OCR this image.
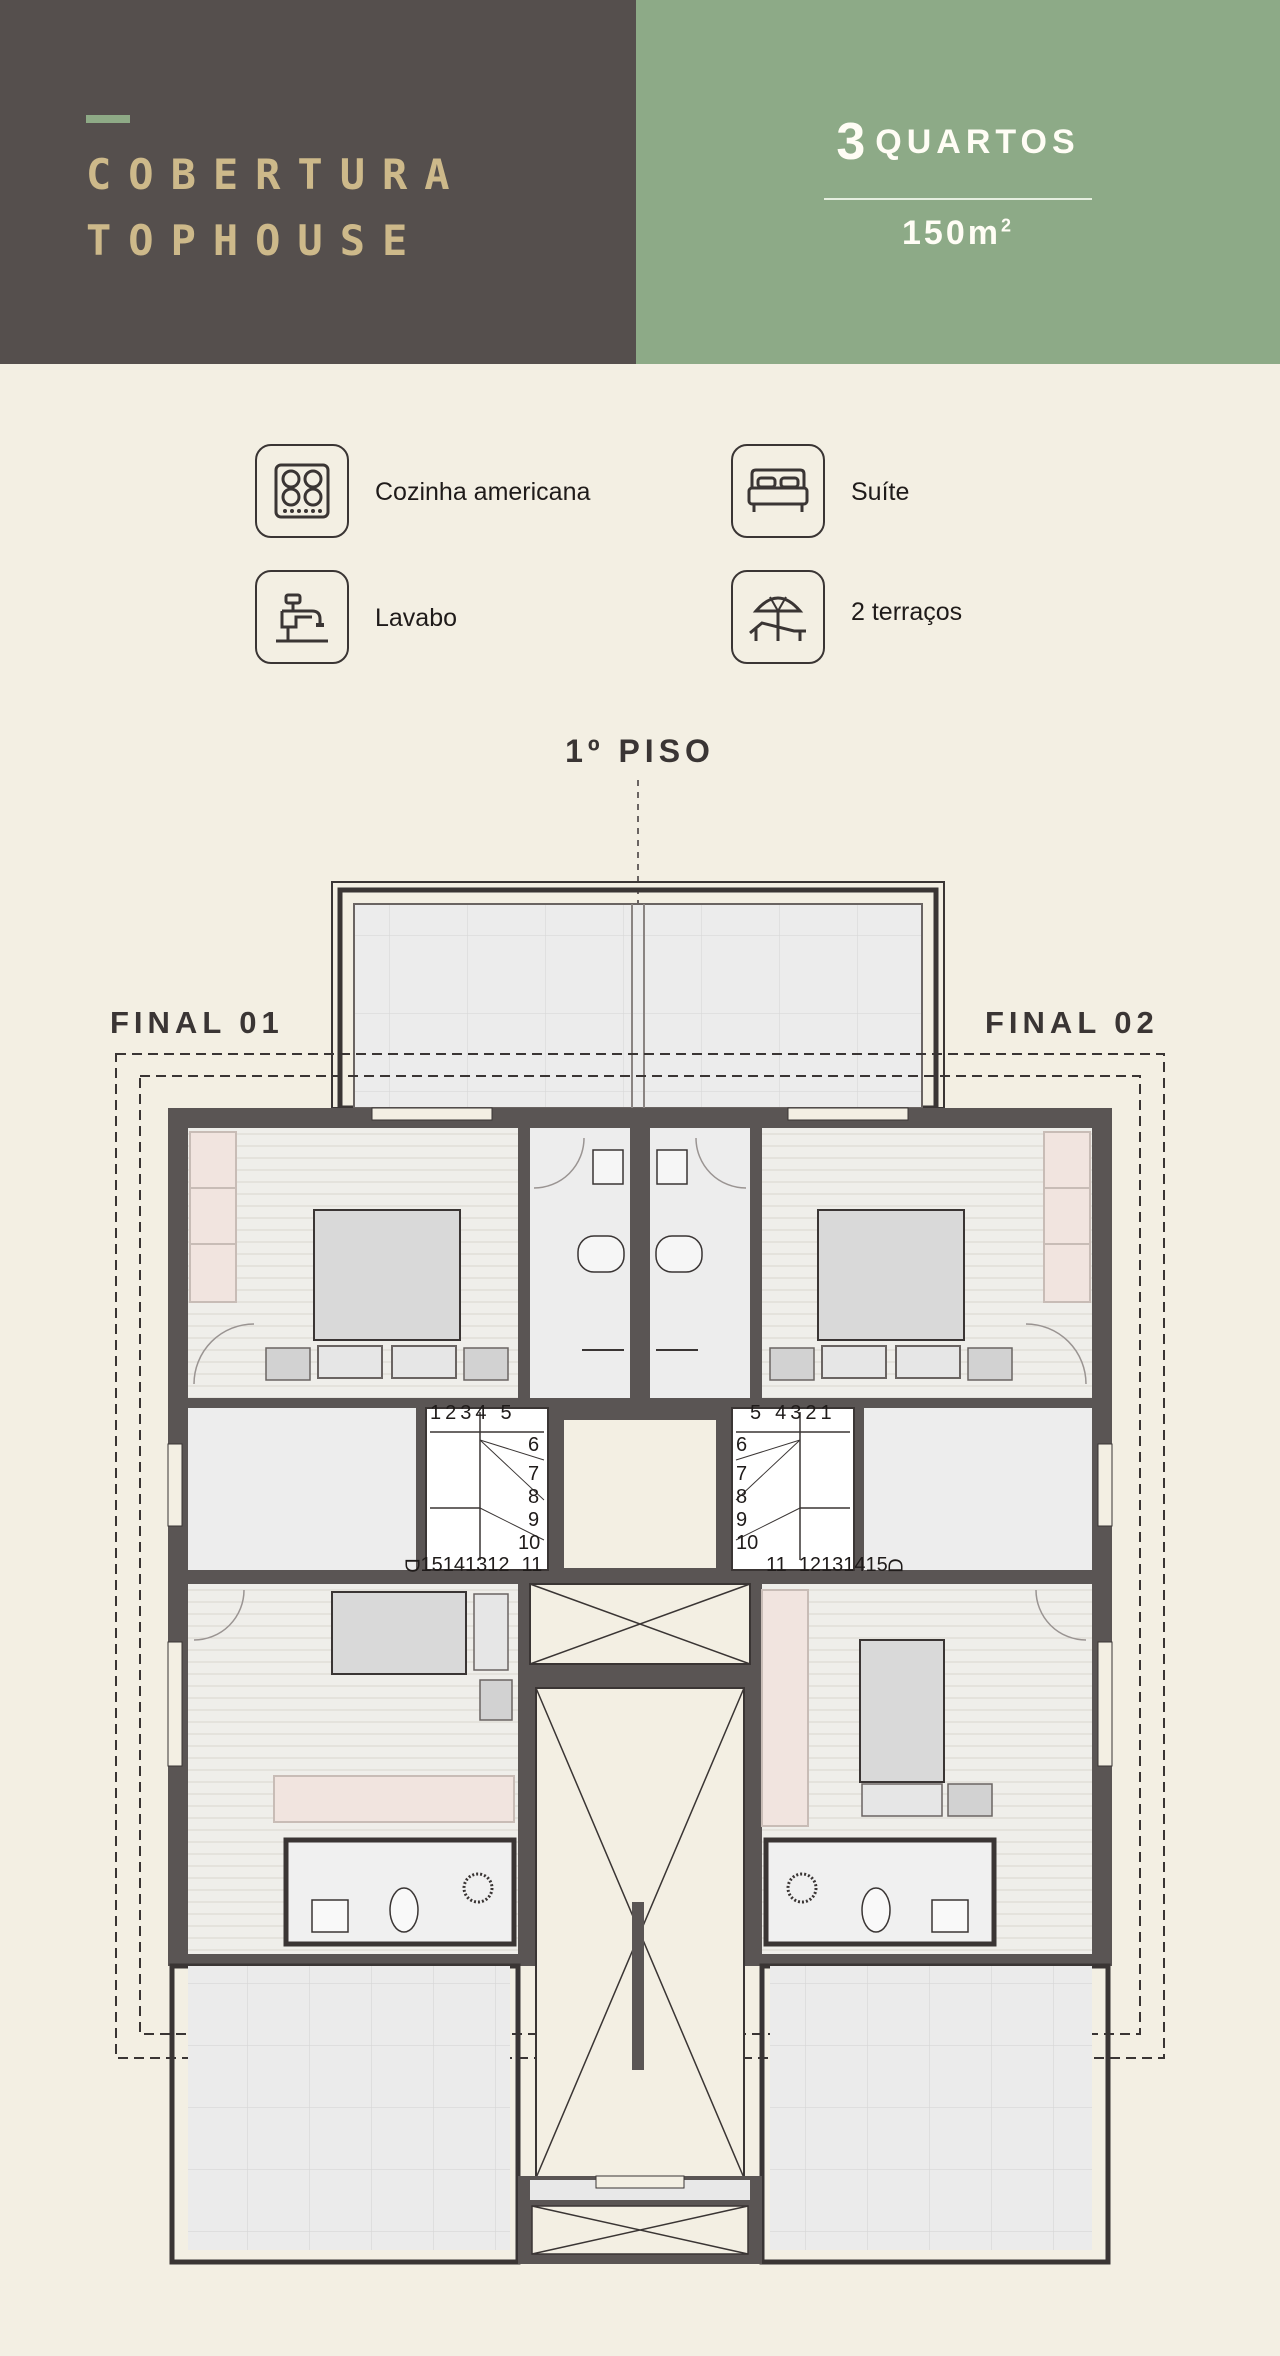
COBERTURA
TOPHOUSE
3 QUARTOS
$150m^2$
Cozinha americana	Suíte
Lavabo	2 terraços
1º PISO
FINAL 01	FINAL 02
1 2 3 4 5
6
7
8
9
10
D15141312 11
5 4 3 2 1
6
7
8
9
10
11 12131415D
